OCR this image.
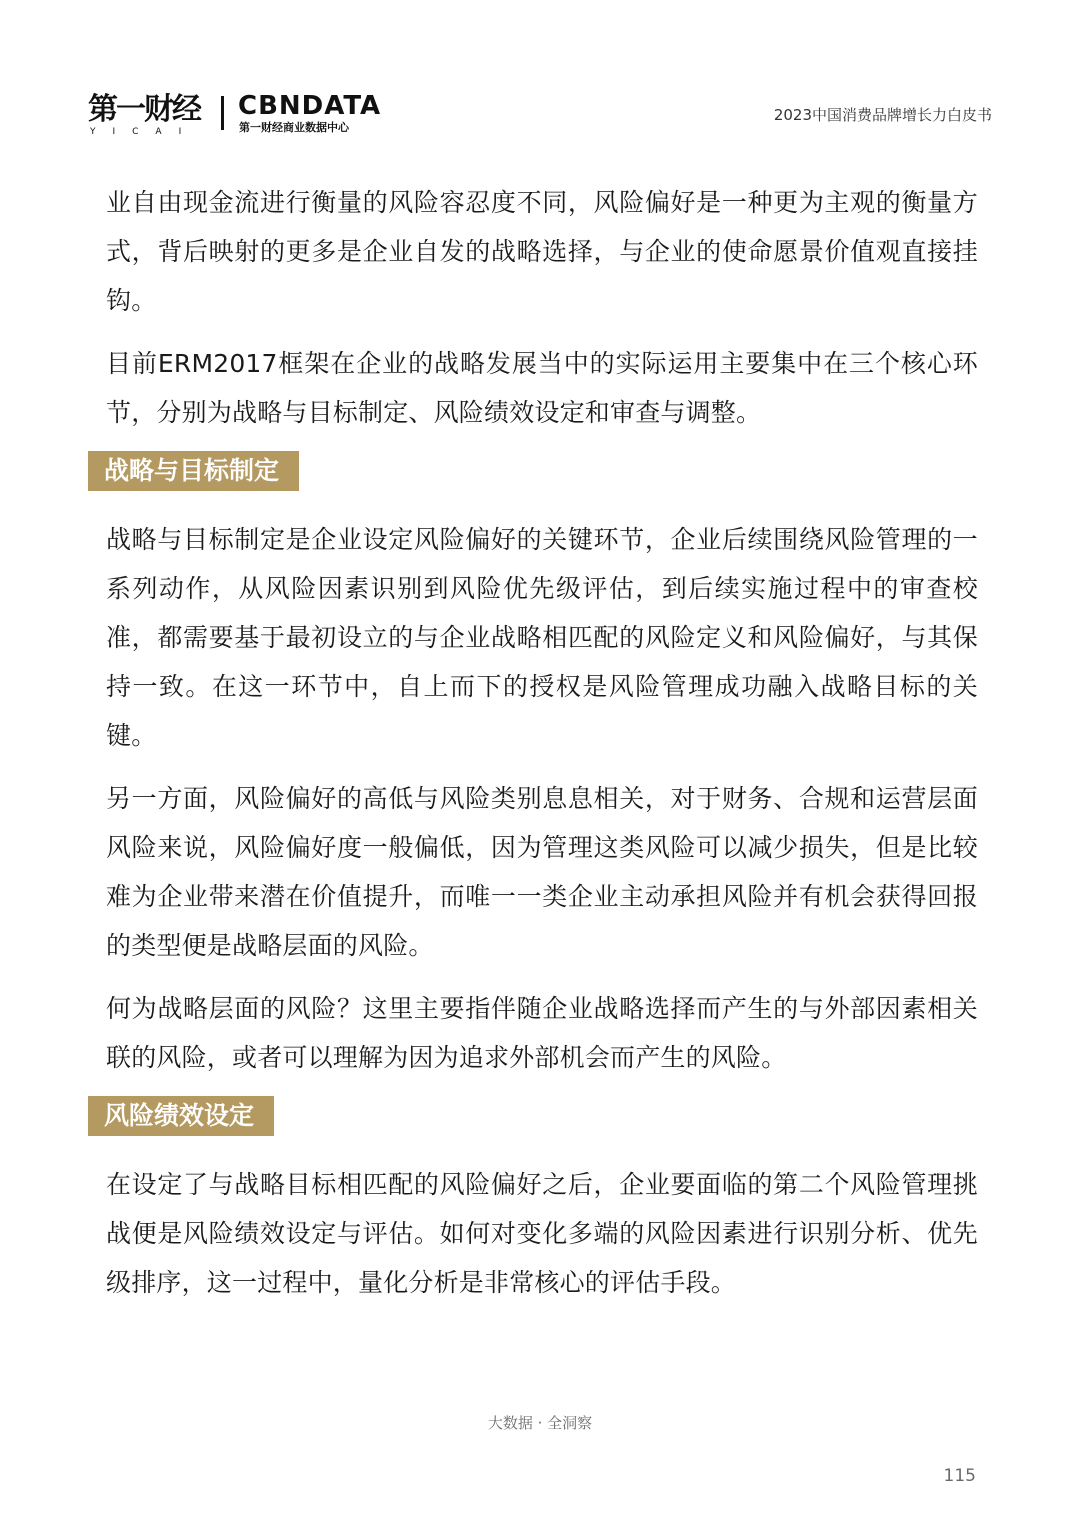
第一财经
YICAI
CBNDATA
第一财经商业数据中心
2023中国消费品牌增长力白皮书

业自由现金流进行衡量的风险容忍度不同，风险偏好是一种更为主观的衡量方式，背后映射的更多是企业自发的战略选择，与企业的使命愿景价值观直接挂钩。

目前ERM2017框架在企业的战略发展当中的实际运用主要集中在三个核心环节，分别为战略与目标制定、风险绩效设定和审查与调整。

战略与目标制定

战略与目标制定是企业设定风险偏好的关键环节，企业后续围绕风险管理的一系列动作，从风险因素识别到风险优先级评估，到后续实施过程中的审查校准，都需要基于最初设立的与企业战略相匹配的风险定义和风险偏好，与其保持一致。在这一环节中，自上而下的授权是风险管理成功融入战略目标的关键。

另一方面，风险偏好的高低与风险类别息息相关，对于财务、合规和运营层面风险来说，风险偏好度一般偏低，因为管理这类风险可以减少损失，但是比较难为企业带来潜在价值提升，而唯一一类企业主动承担风险并有机会获得回报的类型便是战略层面的风险。

何为战略层面的风险？这里主要指伴随企业战略选择而产生的与外部因素相关联的风险，或者可以理解为因为追求外部机会而产生的风险。

风险绩效设定

在设定了与战略目标相匹配的风险偏好之后，企业要面临的第二个风险管理挑战便是风险绩效设定与评估。如何对变化多端的风险因素进行识别分析、优先级排序，这一过程中，量化分析是非常核心的评估手段。

大数据 · 全洞察
115
